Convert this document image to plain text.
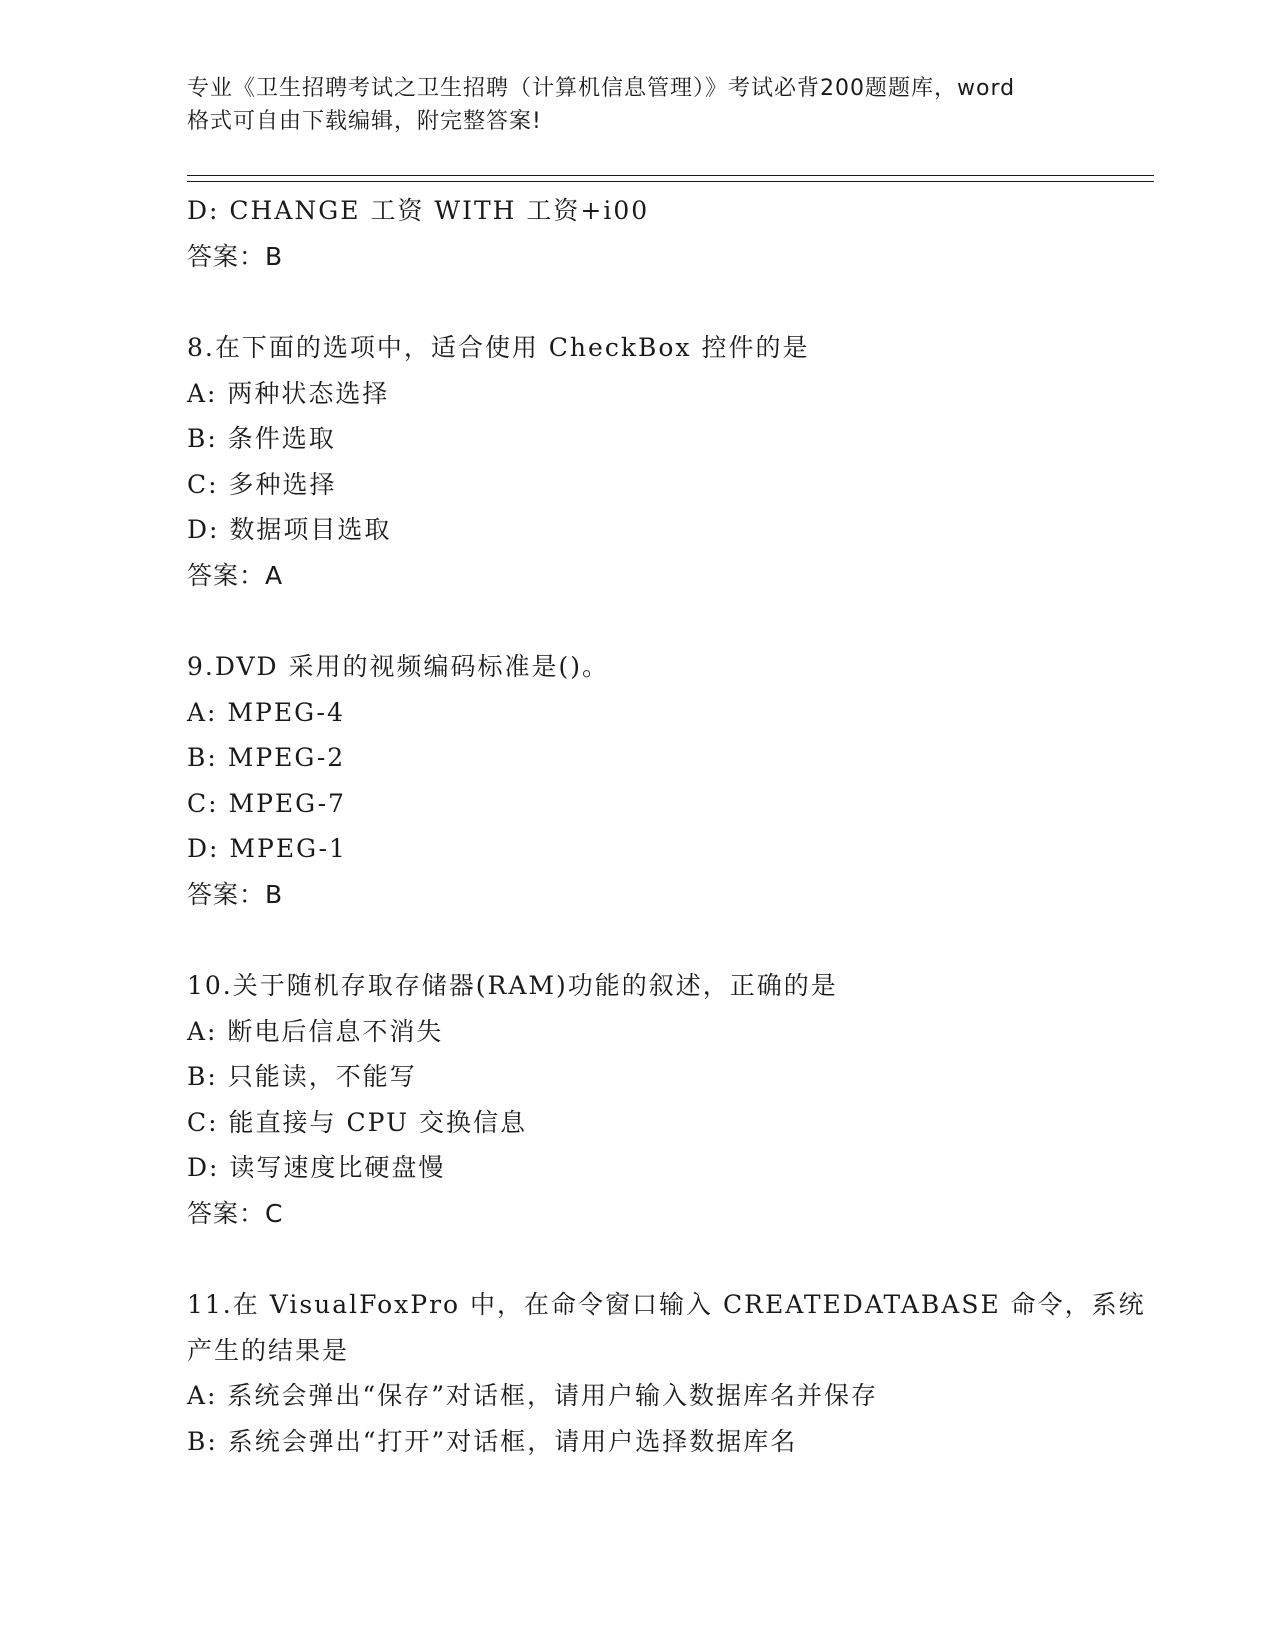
专业《卫生招聘考试之卫生招聘（计算机信息管理）》考试必背200题题库，word
格式可自由下载编辑，附完整答案!
D: CHANGE 工资 WITH 工资+i00
答案：B
8.在下面的选项中，适合使用 CheckBox 控件的是
A: 两种状态选择
B: 条件选取
C: 多种选择
D: 数据项目选取
答案：A
9.DVD 采用的视频编码标准是()。
A: MPEG-4
B: MPEG-2
C: MPEG-7
D: MPEG-1
答案：B
10.关于随机存取存储器(RAM)功能的叙述，正确的是
A: 断电后信息不消失
B: 只能读，不能写
C: 能直接与 CPU 交换信息
D: 读写速度比硬盘慢
答案：C
11.在 VisualFoxPro 中，在命令窗口输入 CREATEDATABASE 命令，系统
产生的结果是
A: 系统会弹出“保存”对话框，请用户输入数据库名并保存
B: 系统会弹出“打开”对话框，请用户选择数据库名
